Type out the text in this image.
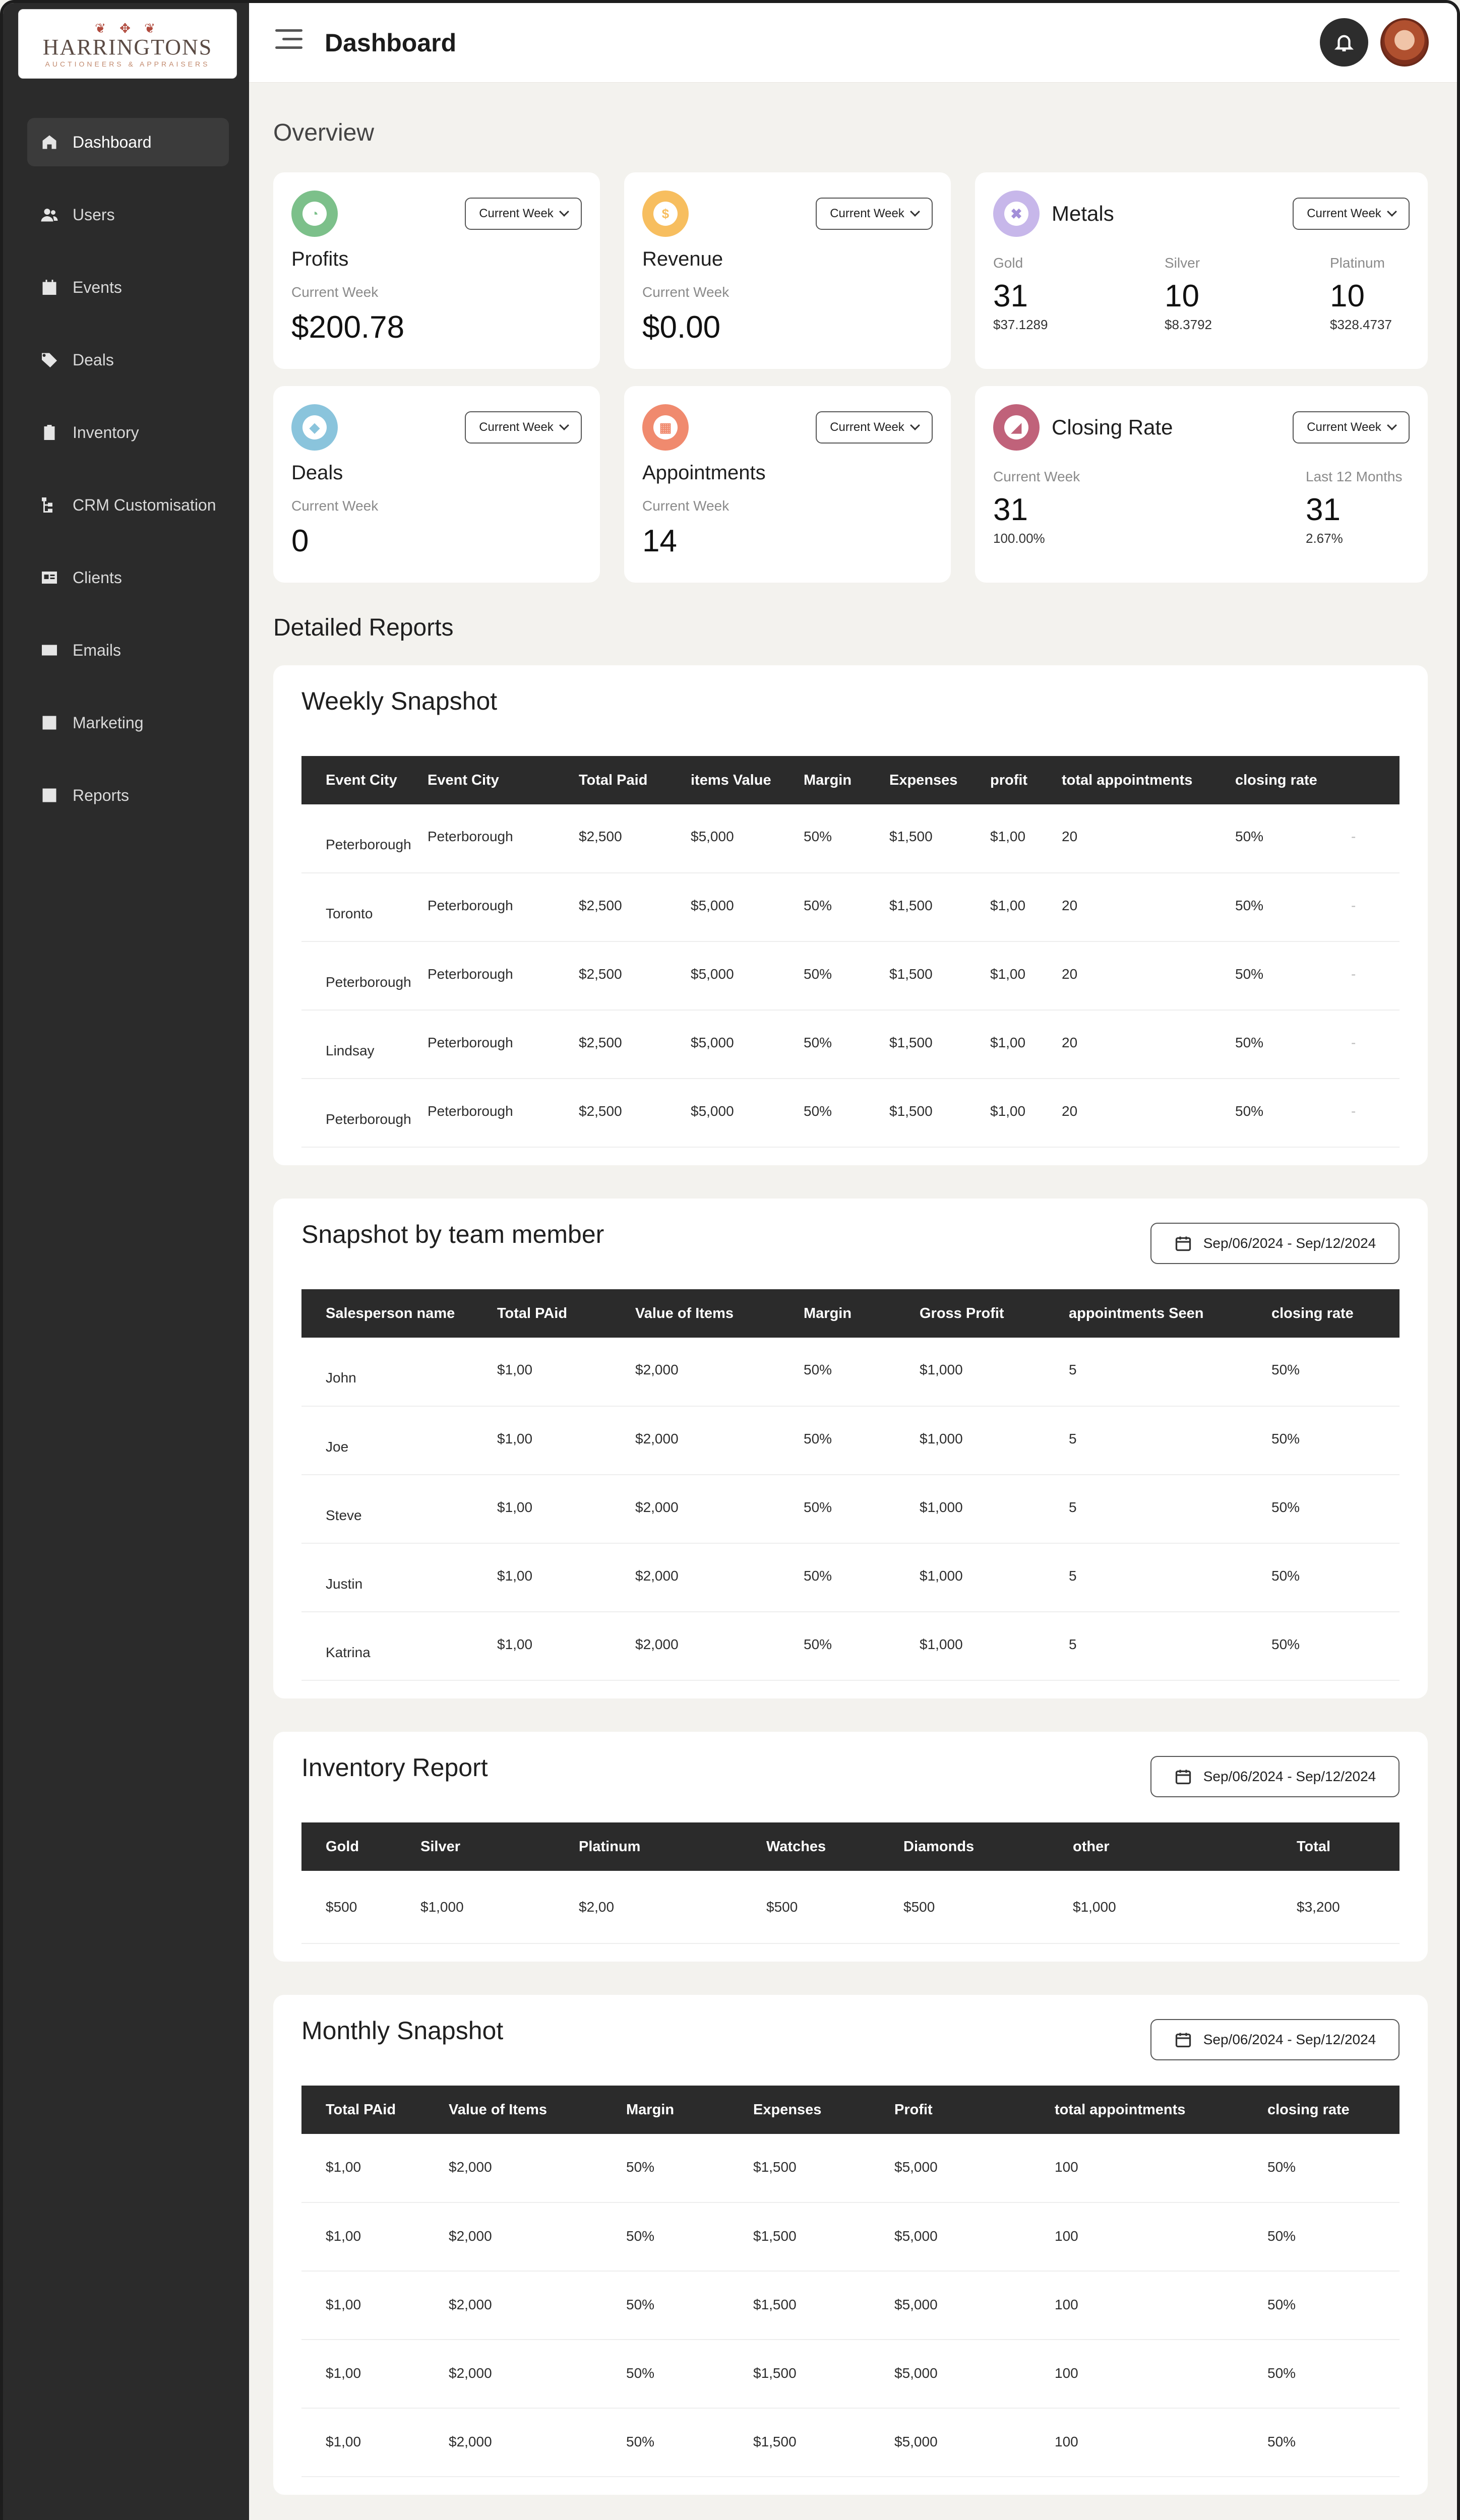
❦ ✥ ❦
HARRINGTONS
AUCTIONEERS & APPRAISERS
Dashboard
Users
Events
Deals
Inventory
CRM Customisation
Clients
Emails
Marketing
Reports
Dashboard
Overview
◔	Current Week
Profits
Current Week
$200.78
$	Current Week
Revenue
Current Week
$0.00
✖ Metals	Current Week
Gold
31
$37.1289
Silver
10
$8.3792
Platinum
10
$328.4737
◆	Current Week
Deals
Current Week
0
▦	Current Week
Appointments
Current Week
14
◢	Closing Rate	Current Week
Current Week
31
100.00%
Last 12 Months
31
2.67%
Detailed Reports
Weekly Snapshot
Event City	Event City	Total Paid	items Value	Margin	Expenses	profit	total appointments	closing rate	
Peterborough	Peterborough	$2,500	$5,000	50%	$1,500	$1,00	20	50%	-
Toronto	Peterborough	$2,500	$5,000	50%	$1,500	$1,00	20	50%	-
Peterborough	Peterborough	$2,500	$5,000	50%	$1,500	$1,00	20	50%	-
Lindsay	Peterborough	$2,500	$5,000	50%	$1,500	$1,00	20	50%	-
Peterborough	Peterborough	$2,500	$5,000	50%	$1,500	$1,00	20	50%	-
Snapshot by team member	Sep/06/2024 - Sep/12/2024
Salesperson name	Total PAid	Value of Items	Margin	Gross Profit	appointments Seen	closing rate
John	$1,00	$2,000	50%	$1,000	5	50%
Joe	$1,00	$2,000	50%	$1,000	5	50%
Steve	$1,00	$2,000	50%	$1,000	5	50%
Justin	$1,00	$2,000	50%	$1,000	5	50%
Katrina	$1,00	$2,000	50%	$1,000	5	50%
Inventory Report	Sep/06/2024 - Sep/12/2024
Gold	Silver	Platinum	Watches	Diamonds	other	Total
$500	$1,000	$2,00	$500	$500	$1,000	$3,200
Monthly Snapshot	Sep/06/2024 - Sep/12/2024
Total PAid	Value of Items	Margin	Expenses	Profit	total appointments	closing rate
$1,00	$2,000	50%	$1,500	$5,000	100	50%
$1,00	$2,000	50%	$1,500	$5,000	100	50%
$1,00	$2,000	50%	$1,500	$5,000	100	50%
$1,00	$2,000	50%	$1,500	$5,000	100	50%
$1,00	$2,000	50%	$1,500	$5,000	100	50%
